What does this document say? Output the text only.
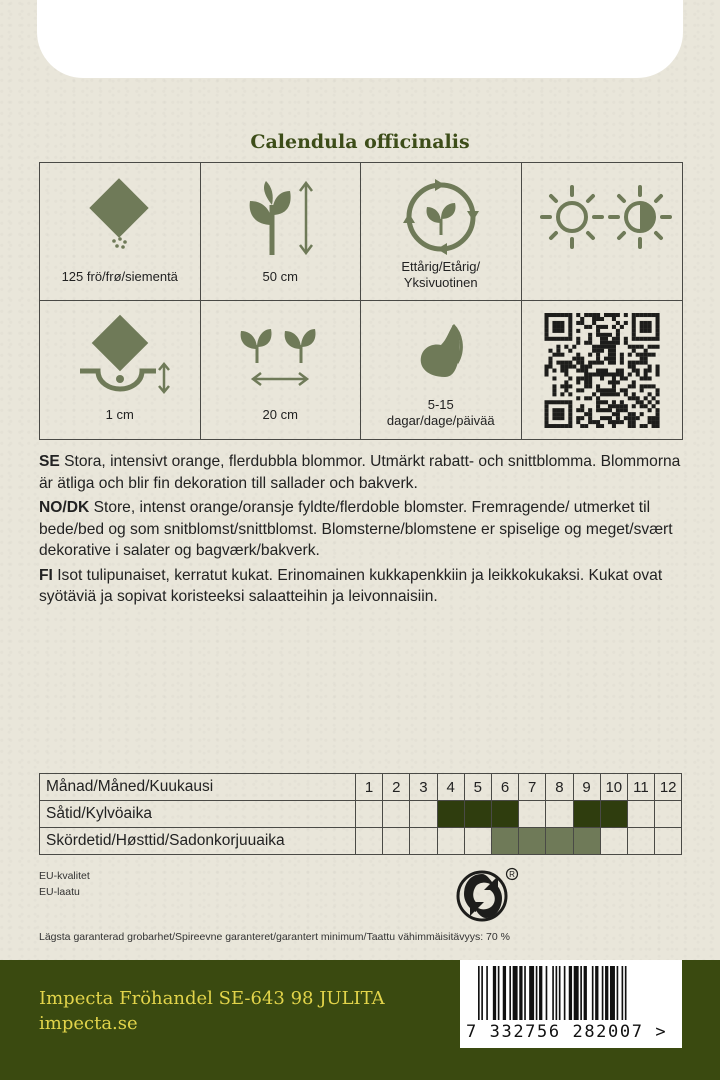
Calendula officinalis
125 frö/frø/siementä	50 cm
Ettårig/Etårig/
Yksivuotinen
1 cm	20 cm
5-15
dagar/dage/päivää

SE Stora, intensivt orange, flerdubbla blommor. Utmärkt rabatt- och snittblomma. Blommorna är ätliga och blir fin dekoration till sallader och bakverk.

NO/DK Store, intenst orange/oransje fyldte/flerdoble blomster. Fremragende/ utmerket til bede/bed og som snitblomst/snittblomst. Blomsterne/blomstene er spiselige og meget/svært dekorative i salater og bagværk/bakverk.

FI Isot tulipunaiset, kerratut kukat. Erinomainen kukkapenkkiin ja leikkokukaksi. Kukat ovat syötäviä ja sopivat koristeeksi salaatteihin ja leivonnaisiin.

Månad/Måned/Kuukausi	1	2	3	4	5	6	7	8	9	10	11	12
Såtid/Kylvöaika												
Skördetid/Høsttid/Sadonkorjuuaika												
EU-kvalitet
EU-laatu
R
Lägsta garanterad grobarhet/Spireevne garanteret/garantert minimum/Taattu vähimmäisitävyys: 70 %
Impecta Fröhandel SE-643 98 JULITA
impecta.se	7 332756 282007 >
